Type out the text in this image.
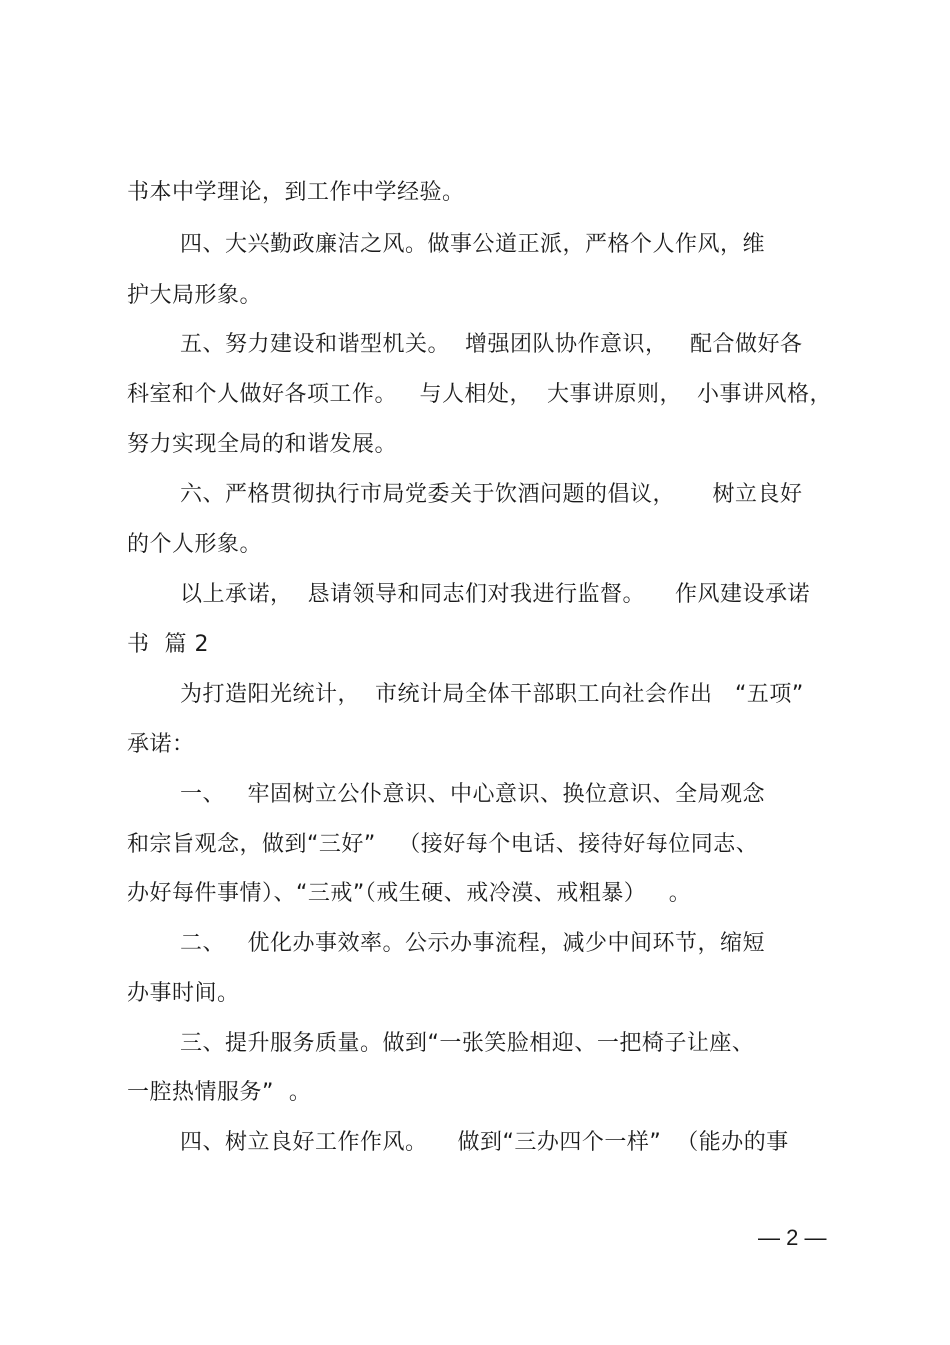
书本中学理论，到工作中学经验。
四、大兴勤政廉洁之风。做事公道正派，严格个人作风，维
护大局形象。
五、努力建设和谐型机关。  增强团队协作意识，   配合做好各
科室和个人做好各项工作。   与人相处，  大事讲原则，  小事讲风格，
努力实现全局的和谐发展。
六、严格贯彻执行市局党委关于饮酒问题的倡议，     树立良好
的个人形象。
以上承诺，  恳请领导和同志们对我进行监督。    作风建设承诺
书  篇 2
为打造阳光统计，  市统计局全体干部职工向社会作出   “五项”
承诺：
一、   牢固树立公仆意识、中心意识、换位意识、全局观念
和宗旨观念，做到“三好”   （接好每个电话、接待好每位同志、
办好每件事情）、“三戒”（戒生硬、戒冷漠、戒粗暴）   。
二、   优化办事效率。公示办事流程，减少中间环节，缩短
办事时间。
三、提升服务质量。做到“一张笑脸相迎、一把椅子让座、
一腔热情服务”  。
四、树立良好工作作风。    做到“三办四个一样”  （能办的事
— 2 —
